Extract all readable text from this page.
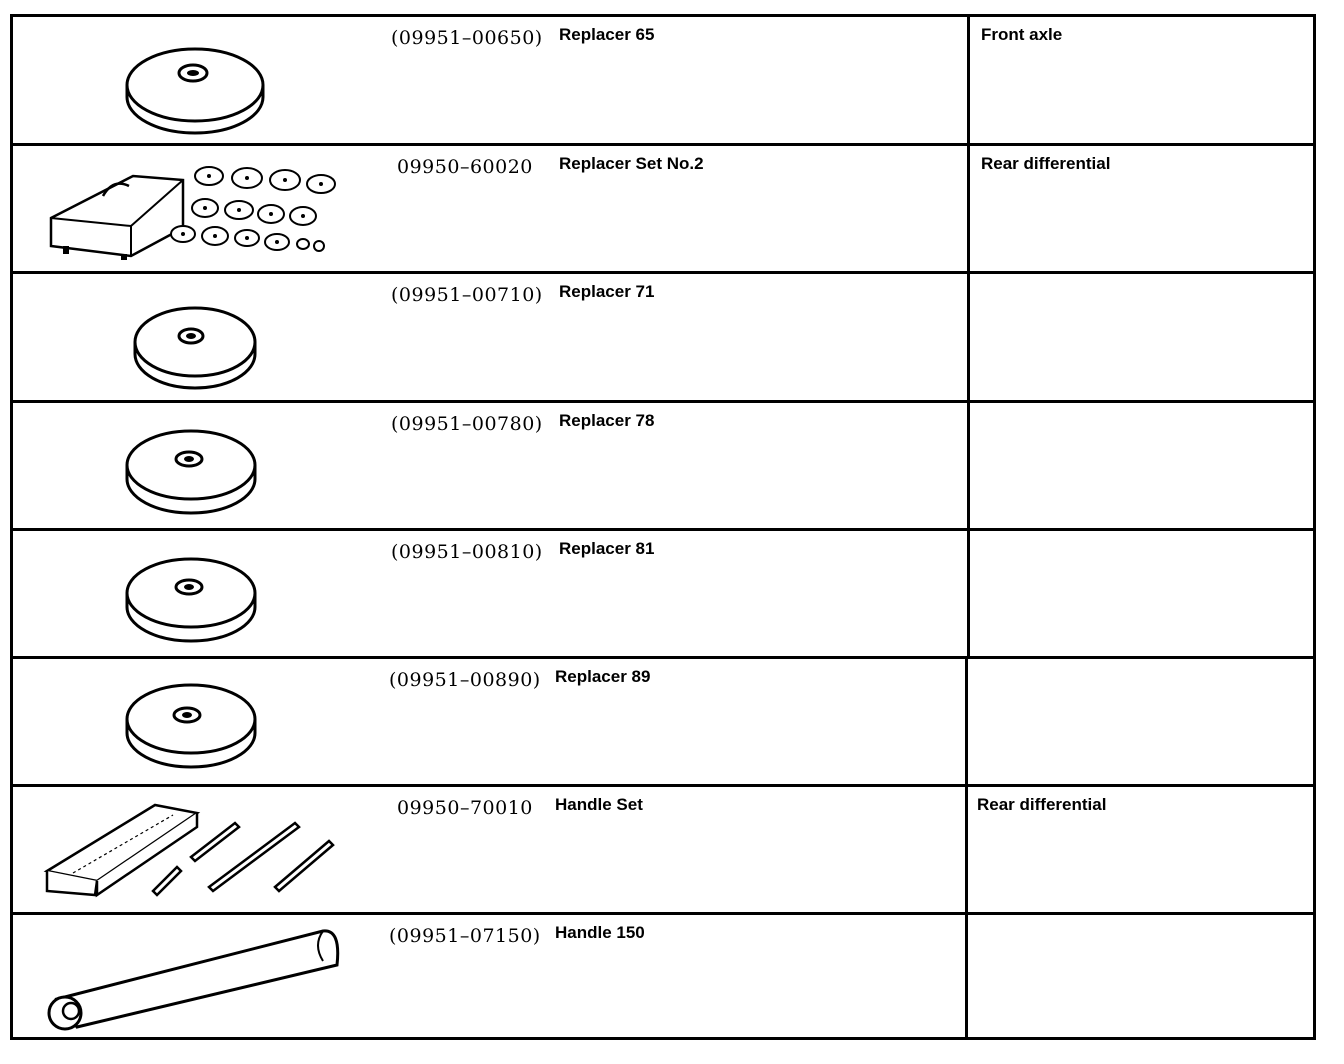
(09951–00650) Replacer 65	Front axle
09950–60020 Replacer Set No.2	Rear differential
(09951–00710) Replacer 71
(09951–00780) Replacer 78
(09951–00810) Replacer 81
(09951–00890) Replacer 89
09950–70010 Handle Set	Rear differential
(09951–07150) Handle 150
